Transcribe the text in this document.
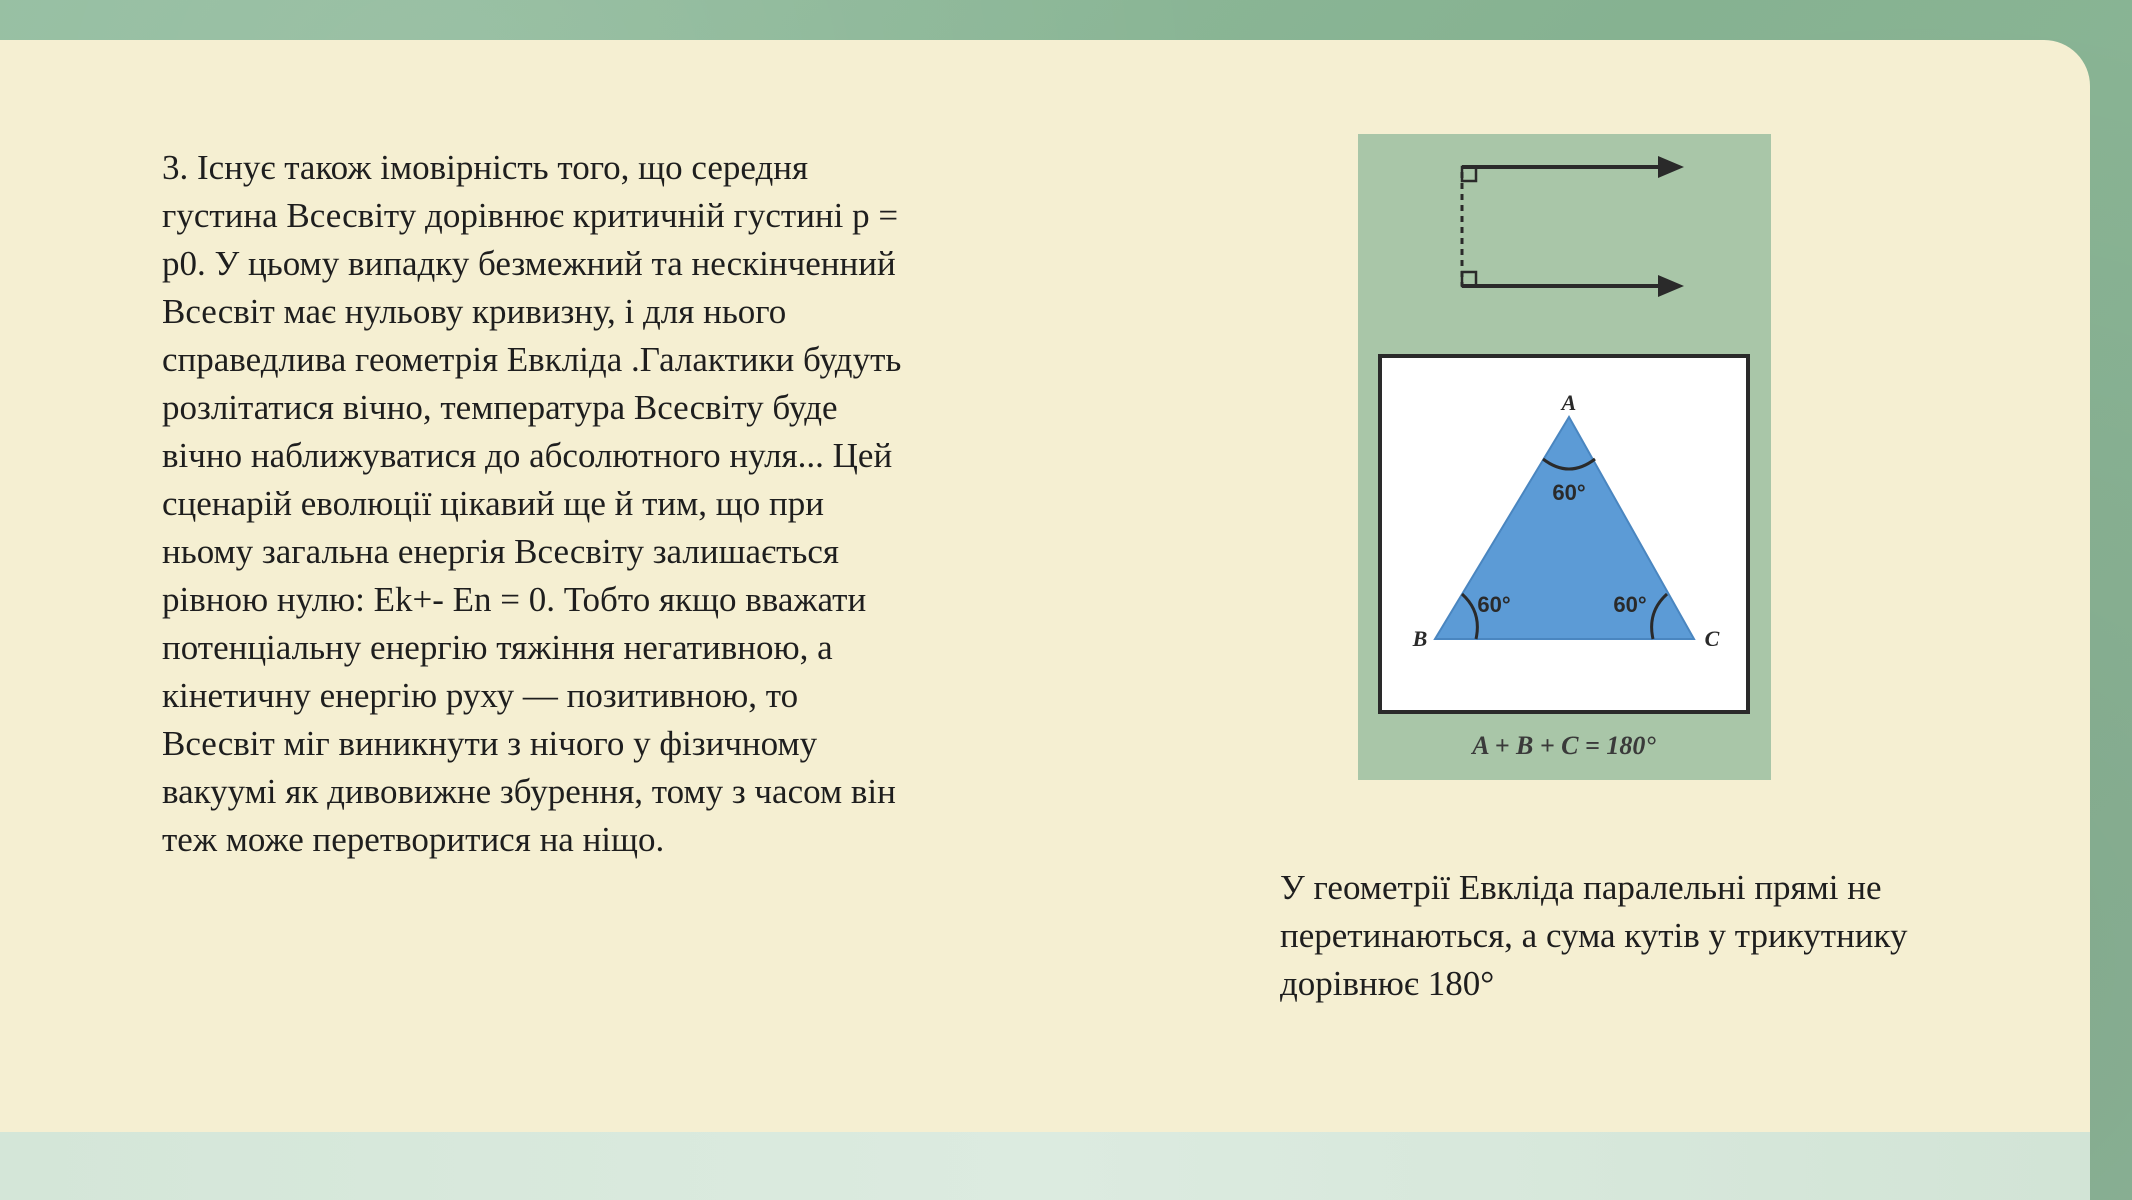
3. Існує також імовірність того, що середня густина Всесвіту дорівнює критичній густині p = p0. У цьому випадку безмежний та нескінченний Всесвіт має нульову кривизну, і для нього справедлива геометрія Евкліда .Галактики будуть розлітатися вічно, температура Всесвіту буде вічно наближуватися до абсолютного нуля... Цей сценарій еволюції цікавий ще й тим, що при ньому загальна енергія Всесвіту залишається рівною нулю: Ek+- En = 0. Тобто якщо вважати потенціальну енергію тяжіння негативною, а кінетичну енергію руху — позитивною, то Всесвіт міг виникнути з нічого у фізичному вакуумі як дивовижне збурення, тому з часом він теж може перетворитися на ніщо.

A
B	C
60°
60°	60°
A + B + C = 180°

У геометрії Евкліда паралельні прямі не перетинаються, а сума кутів у трикутнику дорівнює 180°
